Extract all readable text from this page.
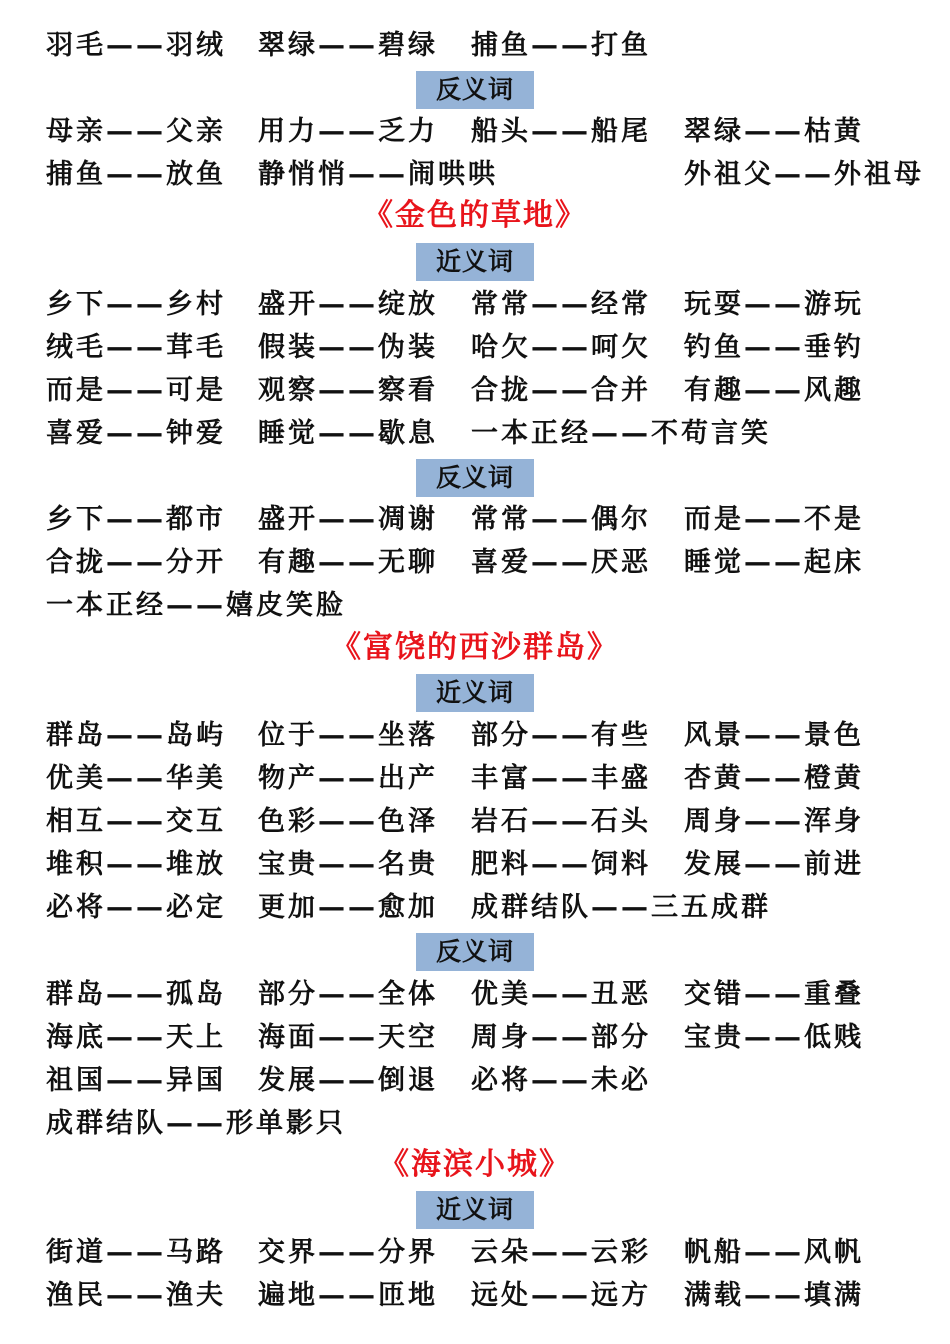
羽毛——羽绒 翠绿——碧绿 捕鱼——打鱼
反义词
母亲——父亲 用力——乏力 船头——船尾 翠绿——枯黄
捕鱼——放鱼 静悄悄——闹哄哄	外祖父——外祖母
《金色的草地》
近义词
乡下——乡村 盛开——绽放 常常——经常 玩耍——游玩
绒毛——茸毛 假装——伪装 哈欠——呵欠 钓鱼——垂钓
而是——可是 观察——察看 合拢——合并 有趣——风趣
喜爱——钟爱 睡觉——歇息 一本正经——不苟言笑
反义词
乡下——都市 盛开——凋谢 常常——偶尔 而是——不是
合拢——分开 有趣——无聊 喜爱——厌恶 睡觉——起床
一本正经——嬉皮笑脸
《富饶的西沙群岛》
近义词
群岛——岛屿 位于——坐落 部分——有些 风景——景色
优美——华美 物产——出产 丰富——丰盛 杏黄——橙黄
相互——交互 色彩——色泽 岩石——石头 周身——浑身
堆积——堆放 宝贵——名贵 肥料——饲料 发展——前进
必将——必定 更加——愈加 成群结队——三五成群
反义词
群岛——孤岛 部分——全体 优美——丑恶 交错——重叠
海底——天上 海面——天空 周身——部分 宝贵——低贱
祖国——异国 发展——倒退 必将——未必
成群结队——形单影只
《海滨小城》
近义词
街道——马路 交界——分界 云朵——云彩 帆船——风帆
渔民——渔夫 遍地——匝地 远处——远方 满载——填满
